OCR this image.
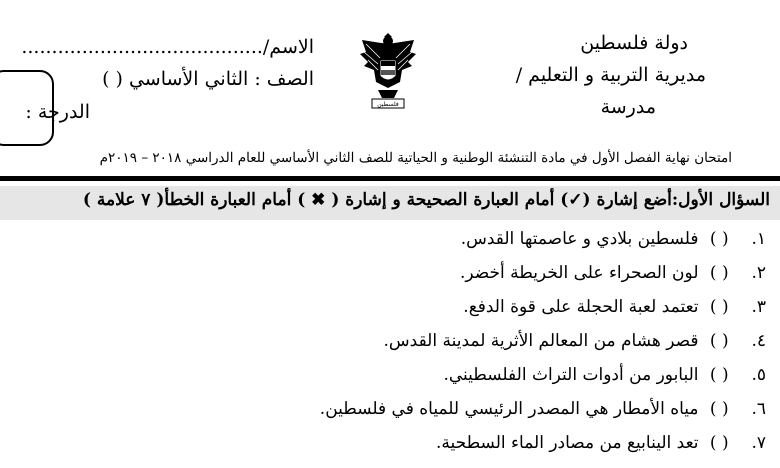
دولة فلسطين
مديرية التربية و التعليم /
مدرسة
فلسطين
الاسم/........................................
الصف : الثاني الأساسي ( )
الدرجة :
امتحان نهاية الفصل الأول في مادة التنشئة الوطنية و الحياتية للصف الثاني الأساسي للعام الدراسي ٢٠١٨ – ٢٠١٩م
السؤال الأول:أضع إشارة (✓) أمام العبارة الصحيحة و إشارة ( ✖ ) أمام العبارة الخطأ( ٧ علامة )
١. ( ) فلسطين بلادي و عاصمتها القدس.
٢. ( ) لون الصحراء على الخريطة أخضر.
٣. ( ) تعتمد لعبة الحجلة على قوة الدفع.
٤. ( ) قصر هشام من المعالم الأثرية لمدينة القدس.
٥. ( ) البابور من أدوات التراث الفلسطيني.
٦. ( ) مياه الأمطار هي المصدر الرئيسي للمياه في فلسطين.
٧. ( ) تعد الينابيع من مصادر الماء السطحية.
